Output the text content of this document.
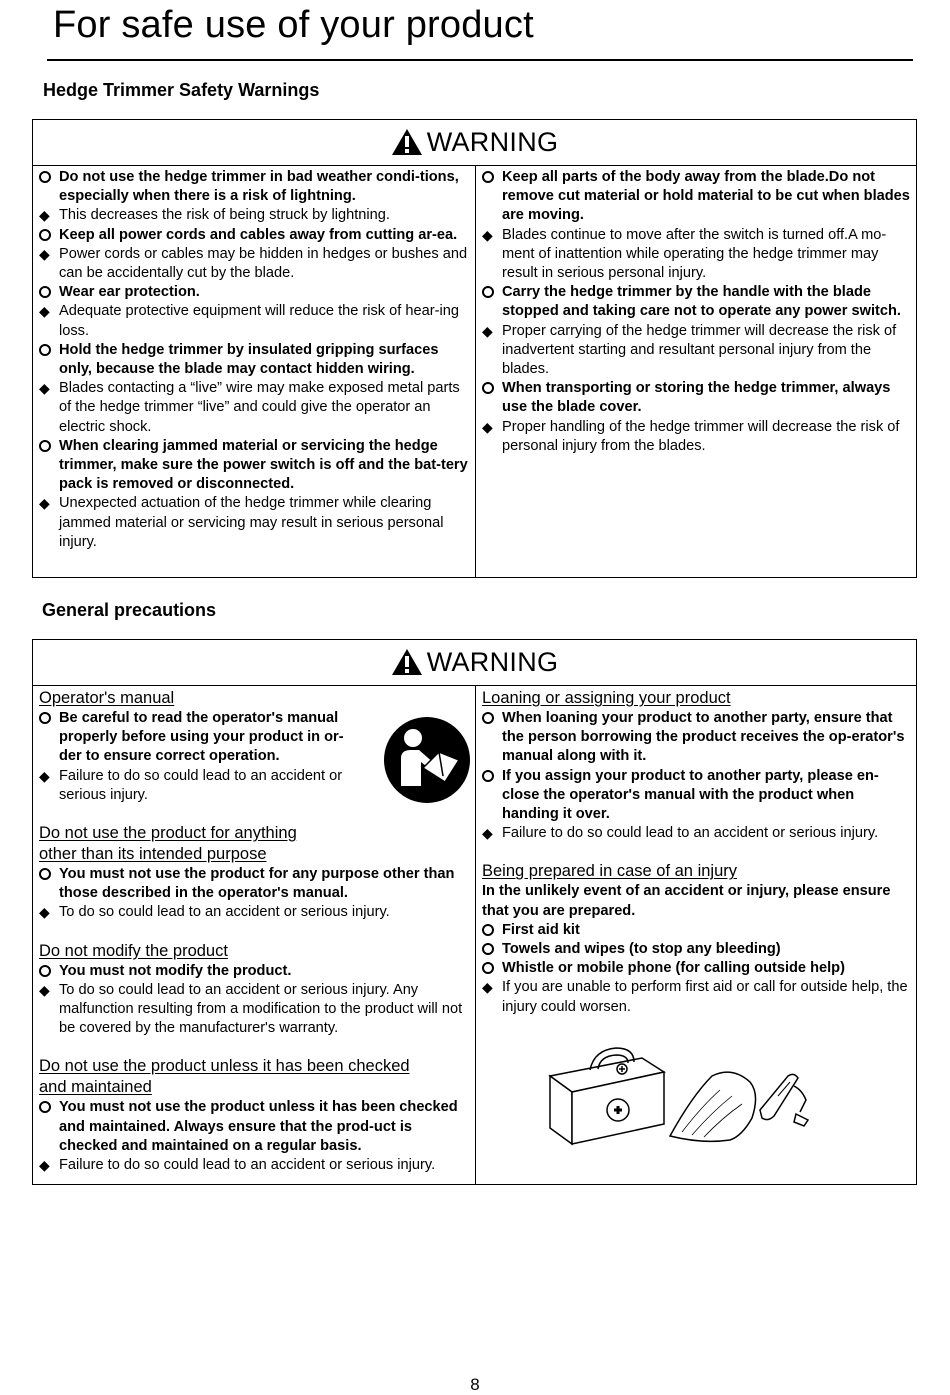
For safe use of your product
Hedge Trimmer Safety Warnings
WARNING
Do not use the hedge trimmer in bad weather condi-tions, especially when there is a risk of lightning.
◆
This decreases the risk of being struck by lightning.
Keep all power cords and cables away from cutting ar-ea.
◆
Power cords or cables may be hidden in hedges or bushes and can be accidentally cut by the blade.
Wear ear protection.
◆
Adequate protective equipment will reduce the risk of hear-ing loss.
Hold the hedge trimmer by insulated gripping surfaces only, because the blade may contact hidden wiring.
◆
Blades contacting a “live” wire may make exposed metal parts of the hedge trimmer “live” and could give the operator an electric shock.
When clearing jammed material or servicing the hedge trimmer, make sure the power switch is off and the bat-tery pack is removed or disconnected.
◆
Unexpected actuation of the hedge trimmer while clearing jammed material or servicing may result in serious personal injury.
Keep all parts of the body away from the blade.Do not remove cut material or hold material to be cut when blades are moving.
◆
Blades continue to move after the switch is turned off.A mo-ment of inattention while operating the hedge trimmer may result in serious personal injury.
Carry the hedge trimmer by the handle with the blade stopped and taking care not to operate any power switch.
◆
Proper carrying of the hedge trimmer will decrease the risk of inadvertent starting and resultant personal injury from the blades.
When transporting or storing the hedge trimmer, always use the blade cover.
◆
Proper handling of the hedge trimmer will decrease the risk of personal injury from the blades.
General precautions
WARNING
Operator's manual
Be careful to read the operator's manual properly before using your product in or-der to ensure correct operation.
◆
Failure to do so could lead to an accident or serious injury.
Do not use the product for anything
other than its intended purpose
You must not use the product for any purpose other than those described in the operator's manual.
◆
To do so could lead to an accident or serious injury.
Do not modify the product
You must not modify the product.
◆
To do so could lead to an accident or serious injury. Any malfunction resulting from a modification to the product will not be covered by the manufacturer's warranty.
Do not use the product unless it has been checked
and maintained
You must not use the product unless it has been checked and maintained. Always ensure that the prod-uct is checked and maintained on a regular basis.
◆
Failure to do so could lead to an accident or serious injury.
Loaning or assigning your product
When loaning your product to another party, ensure that the person borrowing the product receives the op-erator's manual along with it.
If you assign your product to another party, please en-close the operator's manual with the product when handing it over.
◆
Failure to do so could lead to an accident or serious injury.
Being prepared in case of an injury
In the unlikely event of an accident or injury, please ensure that you are prepared.
First aid kit
Towels and wipes (to stop any bleeding)
Whistle or mobile phone (for calling outside help)
◆
If you are unable to perform first aid or call for outside help, the injury could worsen.
8
